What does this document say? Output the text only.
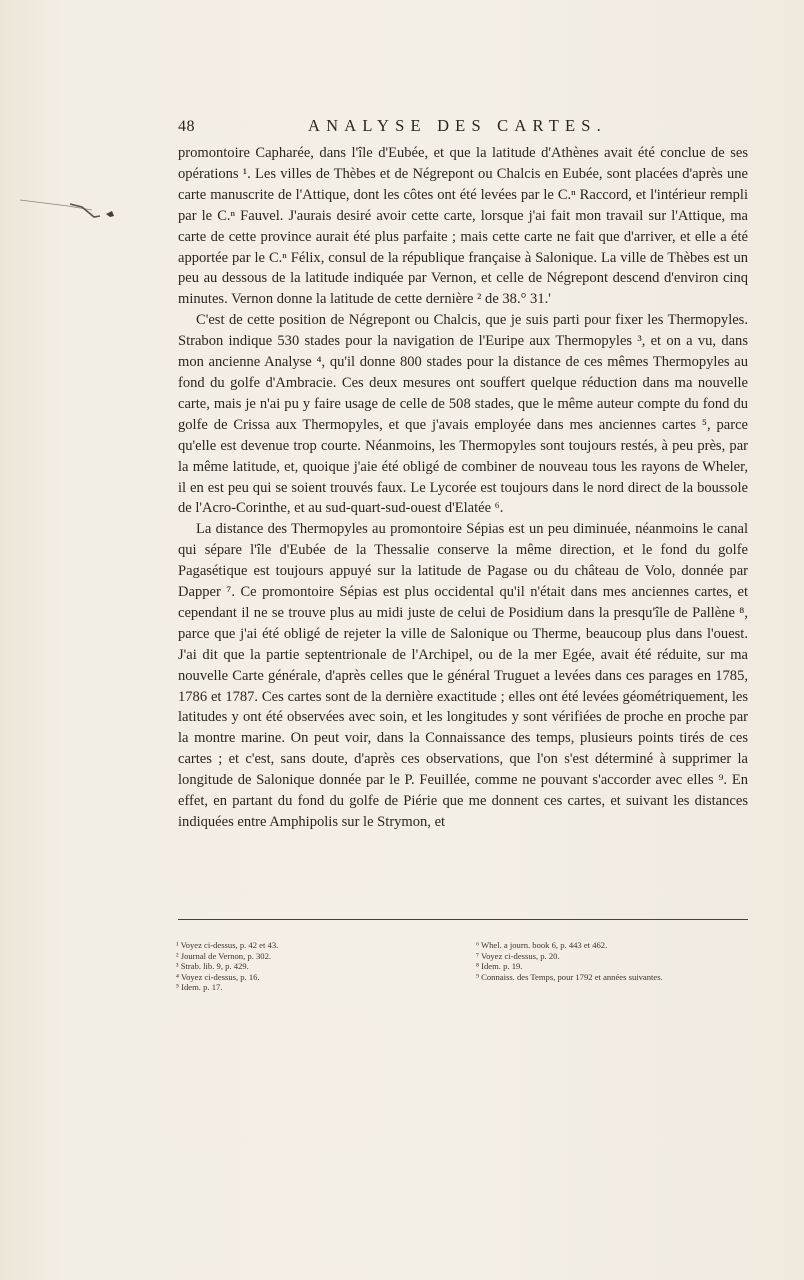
48	ANALYSE DES CARTES.

promontoire Capharée, dans l'île d'Eubée, et que la latitude d'Athènes avait été conclue de ses opérations ¹. Les villes de Thèbes et de Négrepont ou Chalcis en Eubée, sont placées d'après une carte manuscrite de l'Attique, dont les côtes ont été levées par le C.ⁿ Raccord, et l'intérieur rempli par le C.ⁿ Fauvel. J'aurais desiré avoir cette carte, lorsque j'ai fait mon travail sur l'Attique, ma carte de cette province aurait été plus parfaite ; mais cette carte ne fait que d'arriver, et elle a été apportée par le C.ⁿ Félix, consul de la république française à Salonique. La ville de Thèbes est un peu au dessous de la latitude indiquée par Vernon, et celle de Négrepont descend d'environ cinq minutes. Vernon donne la latitude de cette dernière ² de 38.° 31.'

C'est de cette position de Négrepont ou Chalcis, que je suis parti pour fixer les Thermopyles. Strabon indique 530 stades pour la navigation de l'Euripe aux Thermopyles ³, et on a vu, dans mon ancienne Analyse ⁴, qu'il donne 800 stades pour la distance de ces mêmes Thermopyles au fond du golfe d'Ambracie. Ces deux mesures ont souffert quelque réduction dans ma nouvelle carte, mais je n'ai pu y faire usage de celle de 508 stades, que le même auteur compte du fond du golfe de Crissa aux Thermopyles, et que j'avais employée dans mes anciennes cartes ⁵, parce qu'elle est devenue trop courte. Néanmoins, les Thermopyles sont toujours restés, à peu près, par la même latitude, et, quoique j'aie été obligé de combiner de nouveau tous les rayons de Wheler, il en est peu qui se soient trouvés faux. Le Lycorée est toujours dans le nord direct de la boussole de l'Acro-Corinthe, et au sud-quart-sud-ouest d'Elatée ⁶.

La distance des Thermopyles au promontoire Sépias est un peu diminuée, néanmoins le canal qui sépare l'île d'Eubée de la Thessalie conserve la même direction, et le fond du golfe Pagasétique est toujours appuyé sur la latitude de Pagase ou du château de Volo, donnée par Dapper ⁷. Ce promontoire Sépias est plus occidental qu'il n'était dans mes anciennes cartes, et cependant il ne se trouve plus au midi juste de celui de Posidium dans la presqu'île de Pallène ⁸, parce que j'ai été obligé de rejeter la ville de Salonique ou Therme, beaucoup plus dans l'ouest. J'ai dit que la partie septentrionale de l'Archipel, ou de la mer Egée, avait été réduite, sur ma nouvelle Carte générale, d'après celles que le général Truguet a levées dans ces parages en 1785, 1786 et 1787. Ces cartes sont de la dernière exactitude ; elles ont été levées géométriquement, les latitudes y ont été observées avec soin, et les longitudes y sont vérifiées de proche en proche par la montre marine. On peut voir, dans la Connaissance des temps, plusieurs points tirés de ces cartes ; et c'est, sans doute, d'après ces observations, que l'on s'est déterminé à supprimer la longitude de Salonique donnée par le P. Feuillée, comme ne pouvant s'accorder avec elles ⁹. En effet, en partant du fond du golfe de Piérie que me donnent ces cartes, et suivant les distances indiquées entre Amphipolis sur le Strymon, et

¹ Voyez ci-dessus, p. 42 et 43.

² Journal de Vernon, p. 302.

³ Strab. lib. 9, p. 429.

⁴ Voyez ci-dessus, p. 16.

⁵ Idem. p. 17.

⁶ Whel. a journ. book 6, p. 443 et 462.

⁷ Voyez ci-dessus, p. 20.

⁸ Idem. p. 19.

⁹ Connaiss. des Temps, pour 1792 et années suivantes.
